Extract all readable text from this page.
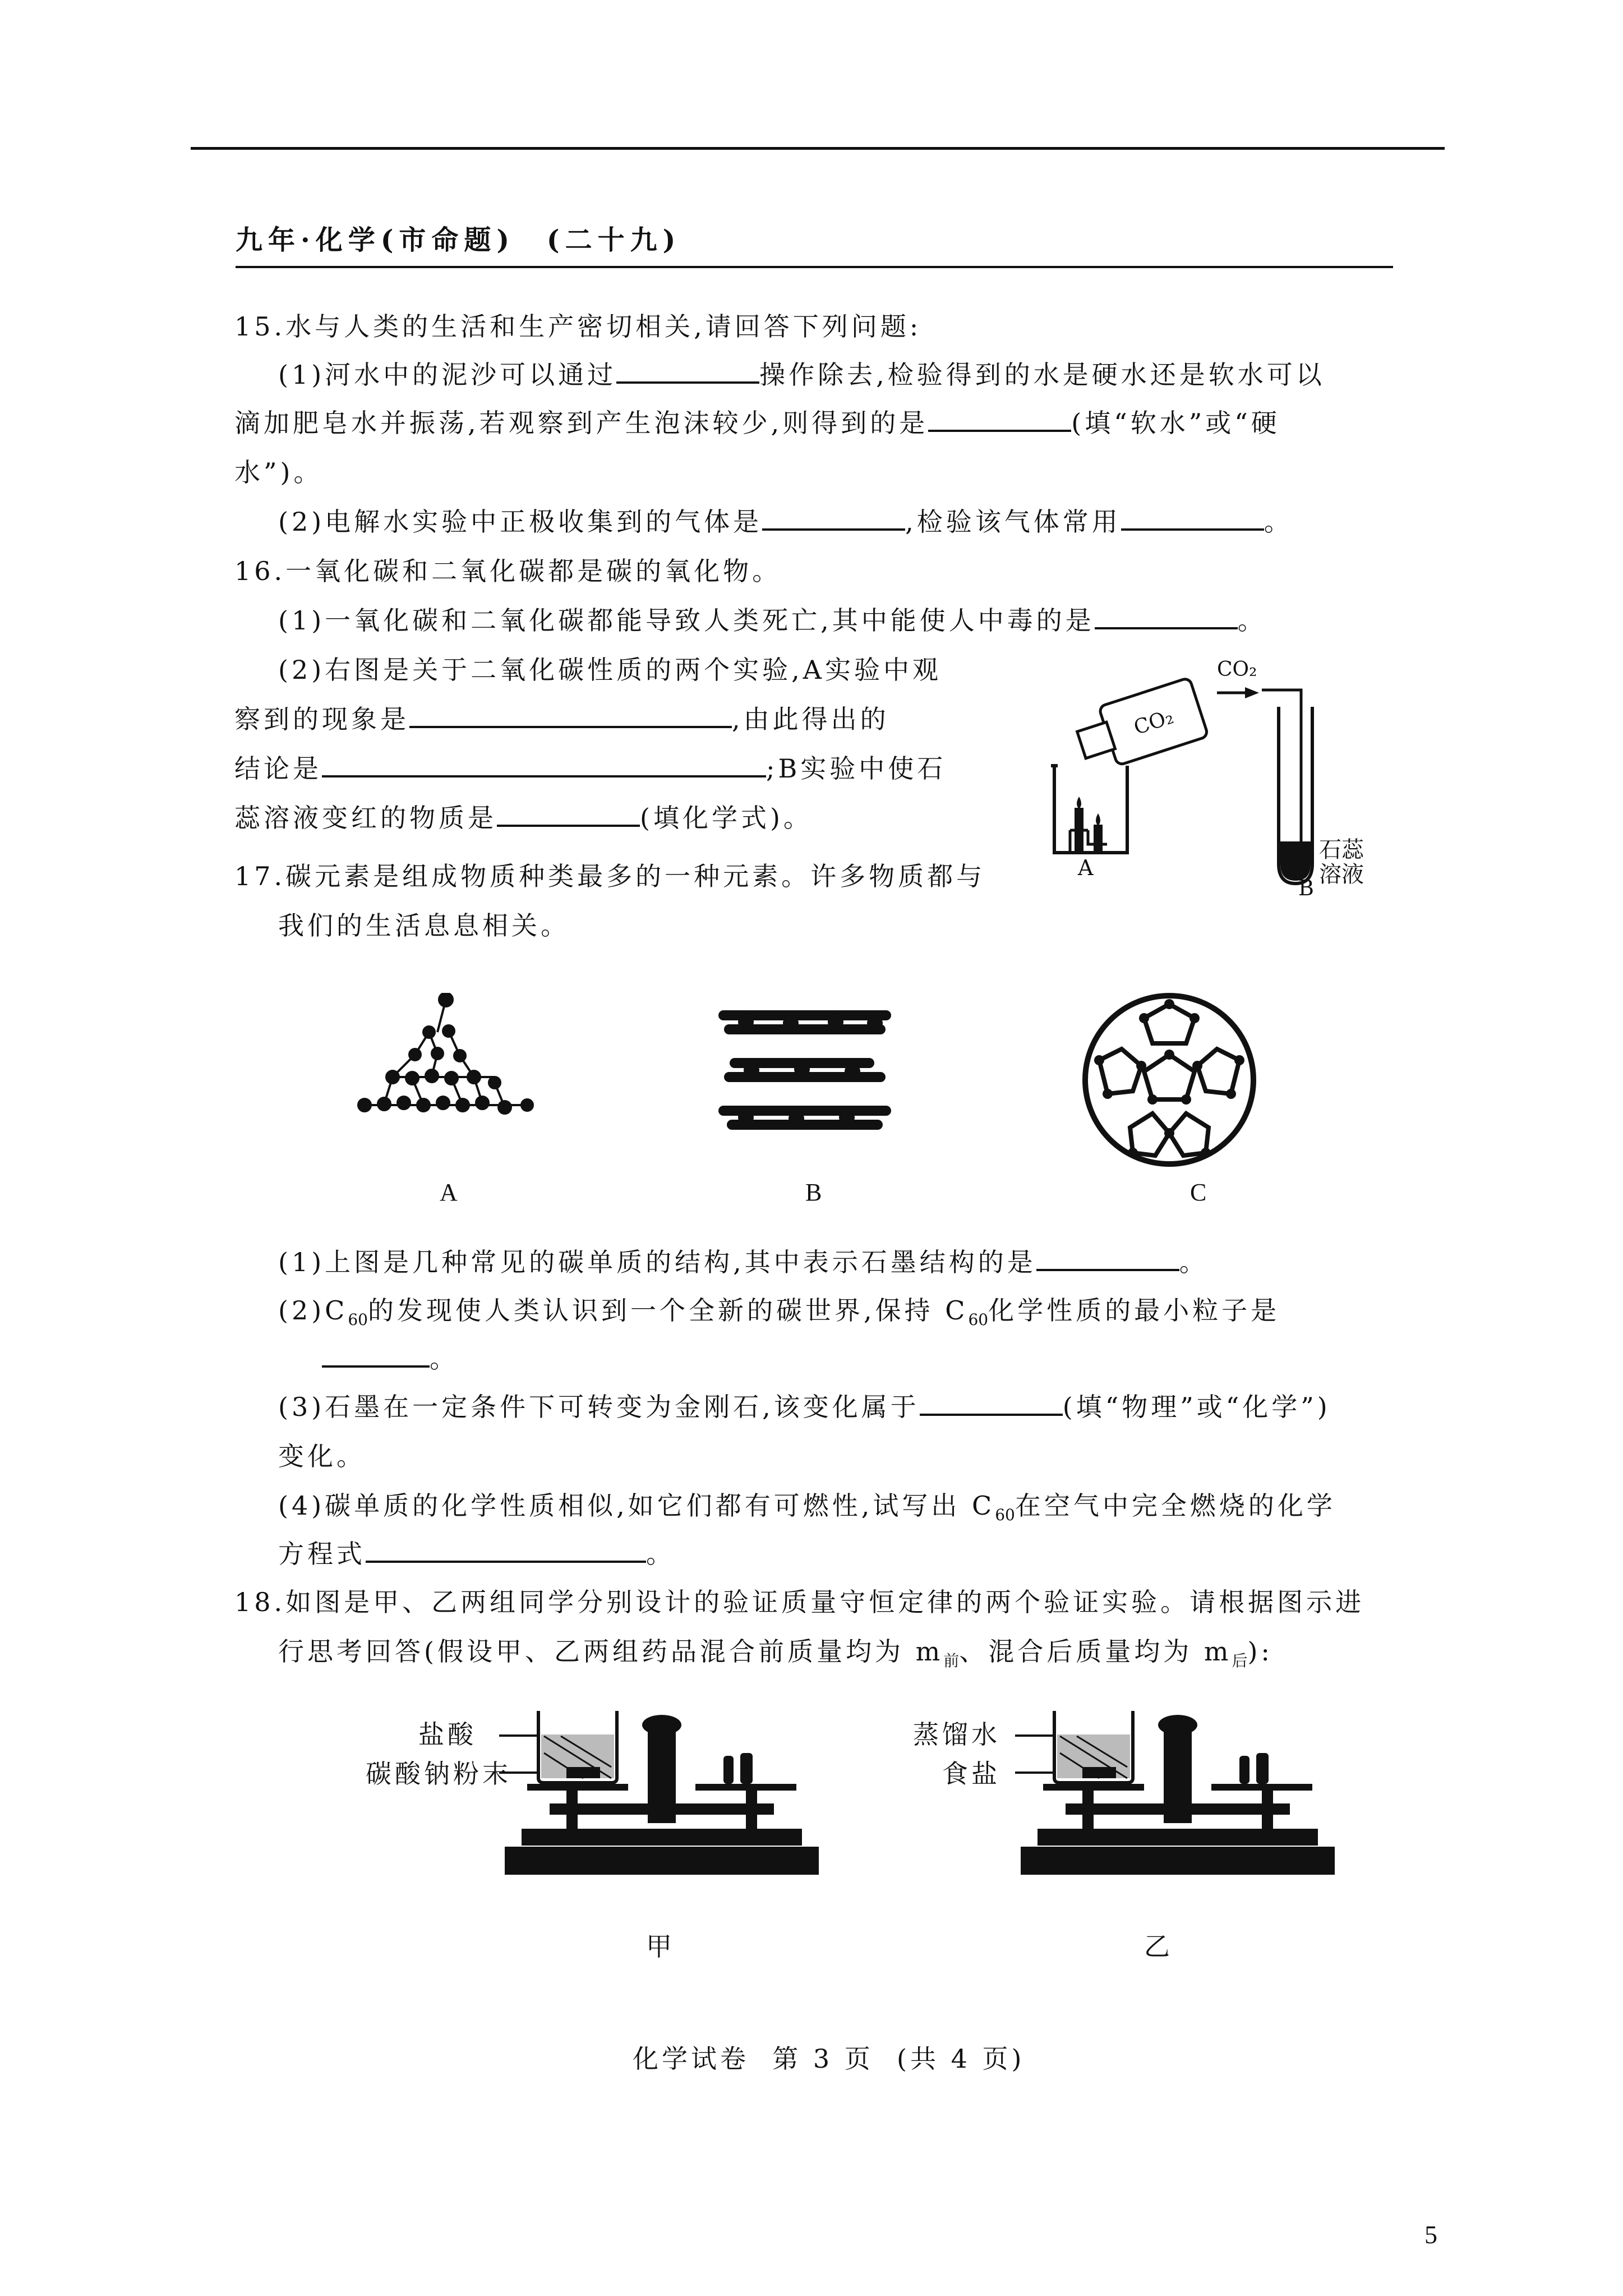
九年·化学(市命题) (二十九)
15.水与人类的生活和生产密切相关,请回答下列问题:
(1)河水中的泥沙可以通过	操作除去,检验得到的水是硬水还是软水可以
滴加肥皂水并振荡,若观察到产生泡沫较少,则得到的是	(填“软水”或“硬
水”)。
(2)电解水实验中正极收集到的气体是	,检验该气体常用	。
16.一氧化碳和二氧化碳都是碳的氧化物。
(1)一氧化碳和二氧化碳都能导致人类死亡,其中能使人中毒的是	。
(2)右图是关于二氧化碳性质的两个实验,A实验中观
察到的现象是	,由此得出的
结论是	;B实验中使石
蕊溶液变红的物质是	(填化学式)。
CO₂
A
CO₂
石蕊
溶液
B
17.碳元素是组成物质种类最多的一种元素。许多物质都与
我们的生活息息相关。
A	B	C
(1)上图是几种常见的碳单质的结构,其中表示石墨结构的是	。
$(2)C_{60}$的发现使人类认识到一个全新的碳世界,保持 $C_{60}$化学性质的最小粒子是
。
(3)石墨在一定条件下可转变为金刚石,该变化属于	(填“物理”或“化学”)
变化。
(4)碳单质的化学性质相似,如它们都有可燃性,试写出 $C_{60}$在空气中完全燃烧的化学
方程式	。
18.如图是甲、乙两组同学分别设计的验证质量守恒定律的两个验证实验。请根据图示进
行思考回答(假设甲、乙两组药品混合前质量均为 $m_前$、混合后质量均为 $m_后$):
盐酸
碳酸钠粉末
甲
蒸馏水
食盐
乙
化学试卷  第 3 页  (共 4 页)
5
